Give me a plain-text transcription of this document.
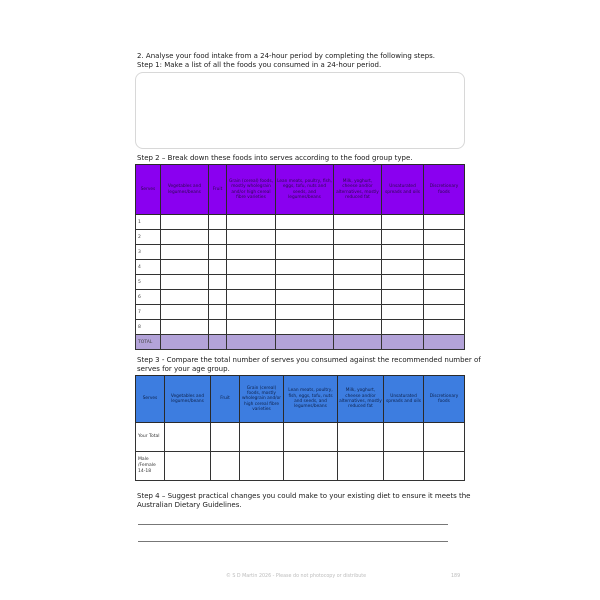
2. Analyse your food intake from a 24-hour period by completing the following steps.
Step 1: Make a list of all the foods you consumed in a 24-hour period.
Step 2 – Break down these foods into serves according to the food group type.
Serves	Vegetables and legumes/beans	Fruit	Grain (cereal) foods, mostly wholegrain and/or high cereal fibre varieties	Lean meats, poultry, fish, eggs, tofu, nuts and seeds, and legumes/beans	Milk, yoghurt, cheese and/or alternatives, mostly reduced fat	Unsaturated spreads and oils	Discretionary foods
1							
2							
3							
4							
5							
6							
7							
8							
TOTAL							
Step 3 - Compare the total number of serves you consumed against the recommended number of
serves for your age group.
Serves	Vegetables and legumes/beans	Fruit	Grain (cereal) foods, mostly wholegrain and/or high cereal fibre varieties	Lean meats, poultry, fish, eggs, tofu, nuts and seeds, and legumes/beans	Milk, yoghurt, cheese and/or alternatives, mostly reduced fat	Unsaturated spreads and oils	Discretionary foods
Your Total							
Male /Female 14-18							
Step 4 – Suggest practical changes you could make to your existing diet to ensure it meets the
Australian Dietary Guidelines.
© S D Martin 2026 - Please do not photocopy or distribute	189
